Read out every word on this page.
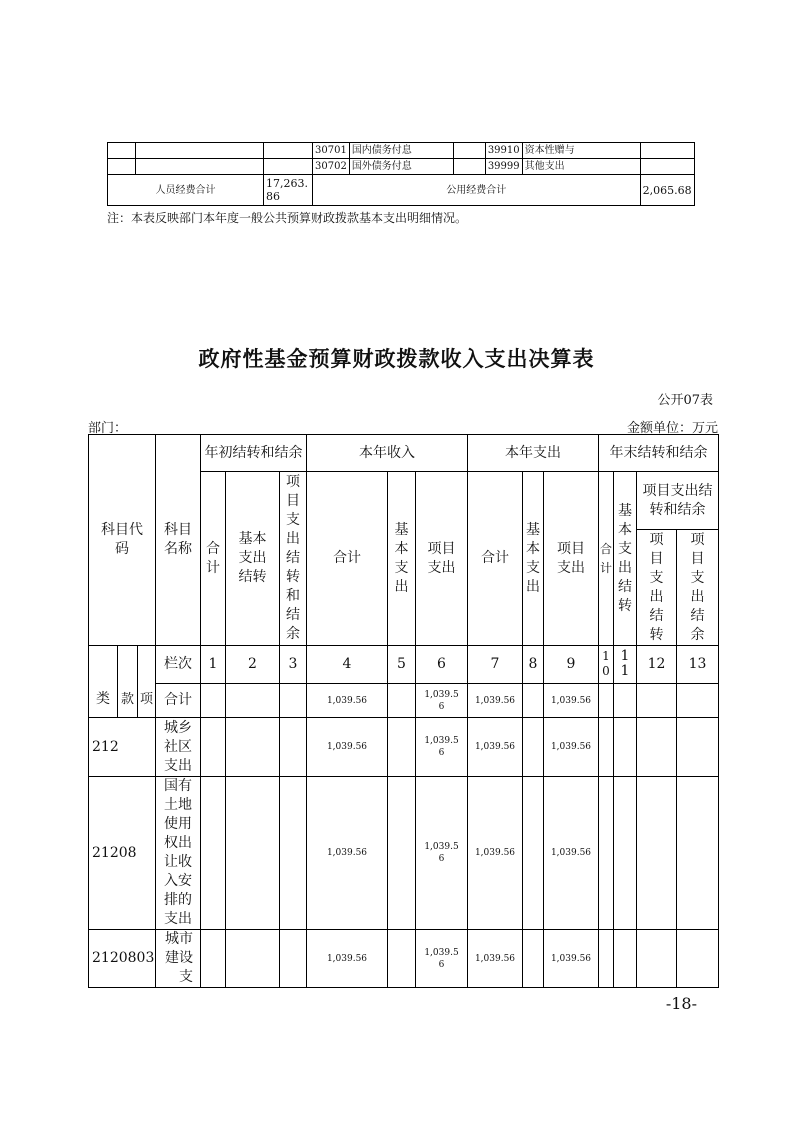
			30701	国内债务付息		39910	资本性赠与	
			30702	国外债务付息		39999	其他支出	
人员经费合计		17,263.86	公用经费合计					2,065.68
注：本表反映部门本年度一般公共预算财政拨款基本支出明细情况。
政府性基金预算财政拨款收入支出决算表
公开07表
部门：	金额单位：万元
科目代码			科目名称	年初结转和结余			本年收入			本年支出			年末结转和结余			
				合计	基本支出结转	项目支出结转和结余	合计	基本支出	项目支出	合计	基本支出	项目支出	合计	基本支出结转	项目支出结转和结余	
															项目支出结转	项目支出结余
类	款	项	栏次	1	2	3	4	5	6	7	8	9	10	11	12	13
			合计				1,039.56		1,039.56	1,039.56		1,039.56				
212			城乡社区支出				1,039.56		1,039.56	1,039.56		1,039.56				
21208			国有土地使用权出让收入安排的支出				1,039.56		1,039.56	1,039.56		1,039.56				
2120803			城市建设支				1,039.56		1,039.56	1,039.56		1,039.56				
-18-
